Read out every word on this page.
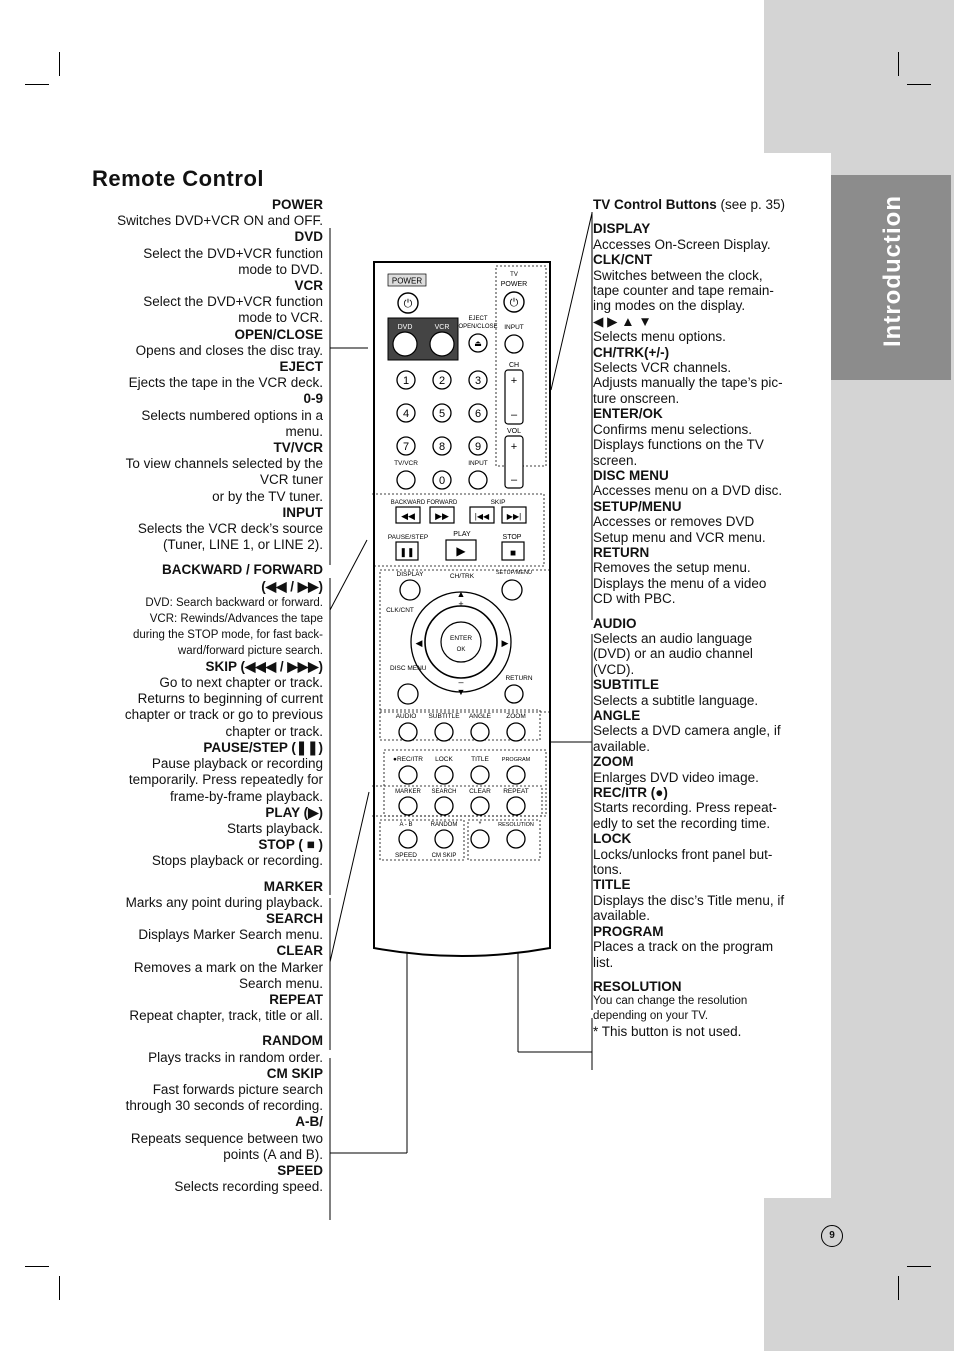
Introduction
9
Remote Control
POWER
Switches DVD+VCR ON and OFF.
DVD
Select the DVD+VCR function
mode to DVD.
VCR
Select the DVD+VCR function
mode to VCR.
OPEN/CLOSE
Opens and closes the disc tray.
EJECT
Ejects the tape in the VCR deck.
0-9
Selects numbered options in a
menu.
TV/VCR
To view channels selected by the
VCR tuner
or by the TV tuner.
INPUT
Selects the VCR deck’s source
(Tuner, LINE 1, or LINE 2).
BACKWARD / FORWARD
(◀◀ / ▶▶)
DVD: Search backward or forward.
VCR: Rewinds/Advances the tape
during the STOP mode, for fast back-
ward/forward picture search.
SKIP (◀◀◀ / ▶▶▶)
Go to next chapter or track.
Returns to beginning of current
chapter or track or go to previous
chapter or track.
PAUSE/STEP (❚❚)
Pause playback or recording
temporarily. Press repeatedly for
frame-by-frame playback.
PLAY (▶)
Starts playback.
STOP ( ■ )
Stops playback or recording.
MARKER
Marks any point during playback.
SEARCH
Displays Marker Search menu.
CLEAR
Removes a mark on the Marker
Search menu.
REPEAT
Repeat chapter, track, title or all.
RANDOM
Plays tracks in random order.
CM SKIP
Fast forwards picture search
through 30 seconds of recording.
A-B/
Repeats sequence between two
points (A and B).
SPEED
Selects recording speed.
TV Control Buttons (see p. 35)
DISPLAY
Accesses On-Screen Display.
CLK/CNT
Switches between the clock,
tape counter and tape remain-
ing modes on the display.
◀ ▶ ▲ ▼
Selects menu options.
CH/TRK(+/-)
Selects VCR channels.
Adjusts manually the tape’s pic-
ture onscreen.
ENTER/OK
Confirms menu selections.
Displays functions on the TV
screen.
DISC MENU
Accesses menu on a DVD disc.
SETUP/MENU
Accesses or removes DVD
Setup menu and VCR menu.
RETURN
Removes the setup menu.
Displays the menu of a video
CD with PBC.
AUDIO
Selects an audio language
(DVD) or an audio channel
(VCD).
SUBTITLE
Selects a subtitle language.
ANGLE
Selects a DVD camera angle, if
available.
ZOOM
Enlarges DVD video image.
REC/ITR (●)
Starts recording. Press repeat-
edly to set the recording time.
LOCK
Locks/unlocks front panel but-
tons.
TITLE
Displays the disc’s Title menu, if
available.
PROGRAM
Places a track on the program
list.
RESOLUTION
You can change the resolution
depending on your TV.
* This button is not used.
POWER
⏻
TV
POWER
⏻
DVD	VCR
EJECT
OPEN/CLOSE
⏏
INPUT
1	2	3
4	5	6
7	8	9
0
TV/VCR	INPUT
CH
+
–
VOL
+
–
BACKWARD FORWARD	SKIP
◀◀ ▶▶	|◀◀ ▶▶|
PAUSE/STEP	PLAY	STOP
❚❚	▶	■
DISPLAY	CH/TRK	SETUP/MENU
CLK/CNT
ENTER
OK
▲
+
▼
–
◀	▶
DISC MENU
RETURN
AUDIO SUBTITLE ANGLE ZOOM
●REC/ITR LOCK	TITLE PROGRAM
MARKER SEARCH CLEAR REPEAT
A - B	RANDOM	*	RESOLUTION
SPEED CM SKIP
